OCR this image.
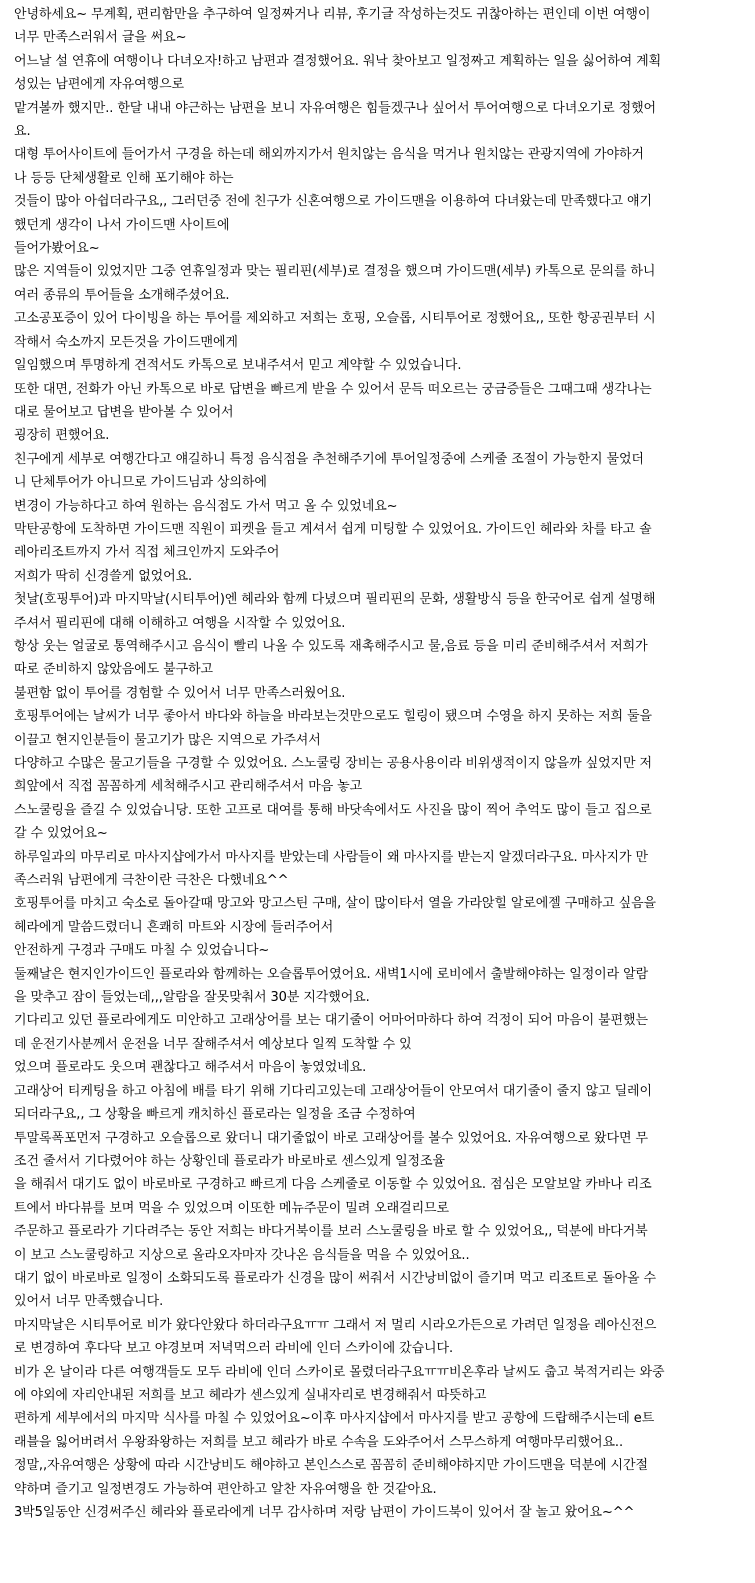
안녕하세요~ 무계획, 편리함만을 추구하여 일정짜거나 리뷰, 후기글 작성하는것도 귀찮아하는 편인데 이번 여행이

너무 만족스러워서 글을 써요~

어느날 설 연휴에 여행이나 다녀오자!하고 남편과 결정했어요. 워낙 찾아보고 일정짜고 계획하는 일을 싫어하여 계획

성있는 남편에게 자유여행으로

맡겨볼까 했지만.. 한달 내내 야근하는 남편을 보니 자유여행은 힘들겠구나 싶어서 투어여행으로 다녀오기로 정했어

요.

대형 투어사이트에 들어가서 구경을 하는데 해외까지가서 원치않는 음식을 먹거나 원치않는 관광지역에 가야하거

나 등등 단체생활로 인해 포기해야 하는

것들이 많아 아쉽더라구요,, 그러던중 전에 친구가 신혼여행으로 가이드맨을 이용하여 다녀왔는데 만족했다고 얘기

했던게 생각이 나서 가이드맨 사이트에

들어가봤어요~

많은 지역들이 있었지만 그중 연휴일정과 맞는 필리핀(세부)로 결정을 했으며 가이드맨(세부) 카톡으로 문의를 하니

여러 종류의 투어들을 소개해주셨어요.

고소공포증이 있어 다이빙을 하는 투어를 제외하고 저희는 호핑, 오슬롭, 시티투어로 정했어요,, 또한 항공권부터 시

작해서 숙소까지 모든것을 가이드맨에게

일임했으며 투명하게 견적서도 카톡으로 보내주셔서 믿고 계약할 수 있었습니다.

또한 대면, 전화가 아닌 카톡으로 바로 답변을 빠르게 받을 수 있어서 문득 떠오르는 궁금증들은 그때그때 생각나는

대로 물어보고 답변을 받아볼 수 있어서

굉장히 편했어요.

친구에게 세부로 여행간다고 얘길하니 특정 음식점을 추천해주기에 투어일정중에 스케줄 조절이 가능한지 물었더

니 단체투어가 아니므로 가이드님과 상의하에

변경이 가능하다고 하여 원하는 음식점도 가서 먹고 올 수 있었네요~

막탄공항에 도착하면 가이드맨 직원이 피켓을 들고 계셔서 쉽게 미팅할 수 있었어요. 가이드인 헤라와 차를 타고 솔

레아리조트까지 가서 직접 체크인까지 도와주어

저희가 딱히 신경쓸게 없었어요.

첫날(호핑투어)과 마지막날(시티투어)엔 헤라와 함께 다녔으며 필리핀의 문화, 생활방식 등을 한국어로 쉽게 설명해

주셔서 필리핀에 대해 이해하고 여행을 시작할 수 있었어요.

항상 웃는 얼굴로 통역해주시고 음식이 빨리 나올 수 있도록 재촉해주시고 물,음료 등을 미리 준비해주셔서 저희가

따로 준비하지 않았음에도 불구하고

불편함 없이 투어를 경험할 수 있어서 너무 만족스러웠어요.

호핑투어에는 날씨가 너무 좋아서 바다와 하늘을 바라보는것만으로도 힐링이 됐으며 수영을 하지 못하는 저희 둘을

이끌고 현지인분들이 물고기가 많은 지역으로 가주셔서

다양하고 수많은 물고기들을 구경할 수 있었어요. 스노쿨링 장비는 공용사용이라 비위생적이지 않을까 싶었지만 저

희앞에서 직접 꼼꼼하게 세척해주시고 관리해주셔서 마음 놓고

스노쿨링을 즐길 수 있었습니당. 또한 고프로 대여를 통해 바닷속에서도 사진을 많이 찍어 추억도 많이 들고 집으로

갈 수 있었어요~

하루일과의 마무리로 마사지샵에가서 마사지를 받았는데 사람들이 왜 마사지를 받는지 알겠더라구요. 마사지가 만

족스러워 남편에게 극찬이란 극찬은 다했네요^^

호핑투어를 마치고 숙소로 돌아갈때 망고와 망고스틴 구매, 살이 많이타서 열을 가라앉힐 알로에젤 구매하고 싶음을

헤라에게 말씀드렸더니 흔쾌히 마트와 시장에 들러주어서

안전하게 구경과 구매도 마칠 수 있었습니다~

둘째날은 현지인가이드인 플로라와 함께하는 오슬롭투어였어요. 새벽1시에 로비에서 출발해야하는 일정이라 알람

을 맞추고 잠이 들었는데,,,알람을 잘못맞춰서 30분 지각했어요.

기다리고 있던 플로라에게도 미안하고 고래상어를 보는 대기줄이 어마어마하다 하여 걱정이 되어 마음이 불편했는

데 운전기사분께서 운전을 너무 잘해주셔서 예상보다 일찍 도착할 수 있

었으며 플로라도 웃으며 괜찮다고 해주셔서 마음이 놓였었네요.

고래상어 티케팅을 하고 아침에 배를 타기 위해 기다리고있는데 고래상어들이 안모여서 대기줄이 줄지 않고 딜레이

되더라구요,, 그 상황을 빠르게 캐치하신 플로라는 일정을 조금 수정하여

투말록폭포먼저 구경하고 오슬롭으로 왔더니 대기줄없이 바로 고래상어를 볼수 있었어요. 자유여행으로 왔다면 무

조건 줄서서 기다렸어야 하는 상황인데 플로라가 바로바로 센스있게 일정조율

을 해줘서 대기도 없이 바로바로 구경하고 빠르게 다음 스케줄로 이동할 수 있었어요. 점심은 모알보알 카바나 리조

트에서 바다뷰를 보며 먹을 수 있었으며 이또한 메뉴주문이 밀려 오래걸리므로

주문하고 플로라가 기다려주는 동안 저희는 바다거북이를 보러 스노쿨링을 바로 할 수 있었어요,, 덕분에 바다거북

이 보고 스노쿨링하고 지상으로 올라오자마자 갓나온 음식들을 먹을 수 있었어요..

대기 없이 바로바로 일정이 소화되도록 플로라가 신경을 많이 써줘서 시간낭비없이 즐기며 먹고 리조트로 돌아올 수

있어서 너무 만족했습니다.

마지막날은 시티투어로 비가 왔다안왔다 하더라구요ㅠㅠ 그래서 저 멀리 시라오가든으로 가려던 일정을 레아신전으

로 변경하여 후다닥 보고 야경보며 저녁먹으러 라비에 인더 스카이에 갔습니다.

비가 온 날이라 다른 여행객들도 모두 라비에 인더 스카이로 몰렸더라구요ㅠㅠ비온후라 날씨도 춥고 북적거리는 와중

에 야외에 자리안내된 저희를 보고 헤라가 센스있게 실내자리로 변경해줘서 따뜻하고

편하게 세부에서의 마지막 식사를 마칠 수 있었어요~이후 마사지샵에서 마사지를 받고 공항에 드랍해주시는데 e트

래블을 잃어버려서 우왕좌왕하는 저희를 보고 헤라가 바로 수속을 도와주어서 스무스하게 여행마무리했어요..

정말,,자유여행은 상황에 따라 시간낭비도 해야하고 본인스스로 꼼꼼히 준비해야하지만 가이드맨을 덕분에 시간절

약하며 즐기고 일정변경도 가능하여 편안하고 알찬 자유여행을 한 것같아요.

3박5일동안 신경써주신 헤라와 플로라에게 너무 감사하며 저랑 남편이 가이드북이 있어서 잘 놀고 왔어요~^^
